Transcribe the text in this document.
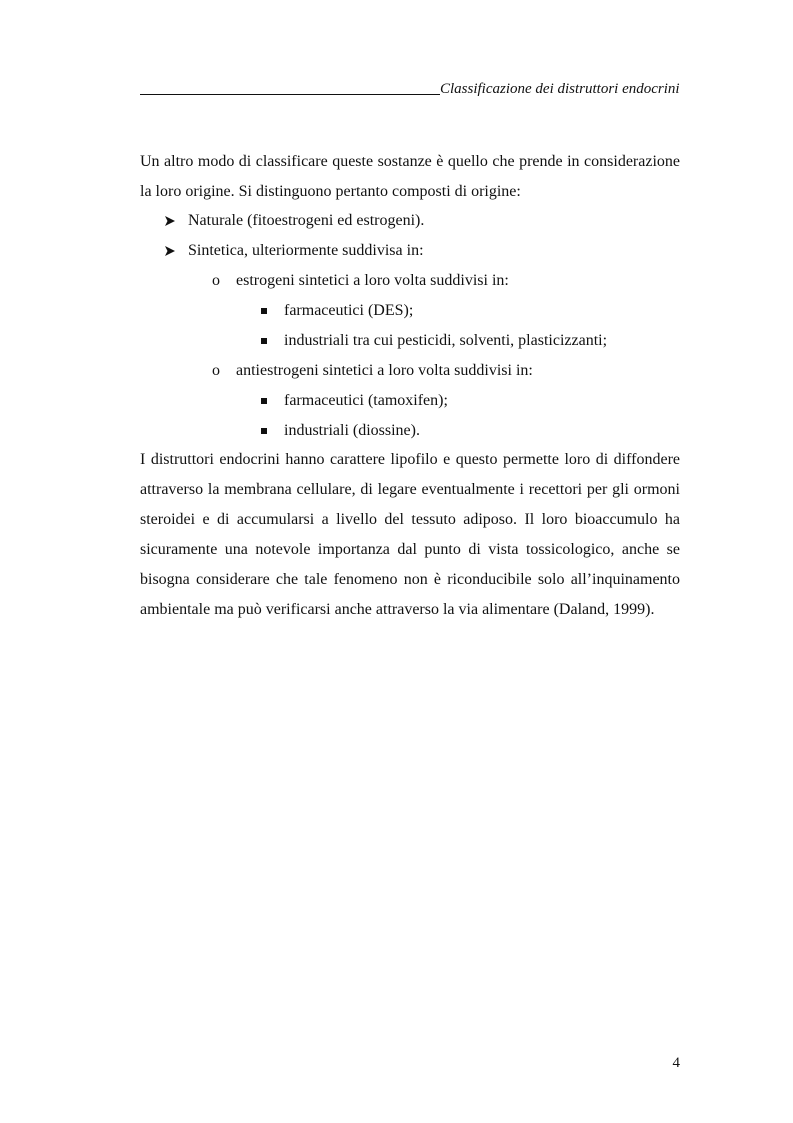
Classificazione dei distruttori endocrini

Un altro modo di classificare queste sostanze è quello che prende in considerazione la loro origine. Si distinguono pertanto composti di origine:

Naturale (fitoestrogeni ed estrogeni).
Sintetica, ulteriormente suddivisa in:
o estrogeni sintetici a loro volta suddivisi in:
farmaceutici (DES);
industriali tra cui pesticidi, solventi, plasticizzanti;
o antiestrogeni sintetici a loro volta suddivisi in:
farmaceutici (tamoxifen);
industriali (diossine).

I distruttori endocrini hanno carattere lipofilo e questo permette loro di diffondere attraverso la membrana cellulare, di legare eventualmente i recettori per gli ormoni steroidei e di accumularsi a livello del tessuto adiposo. Il loro bioaccumulo ha sicuramente una notevole importanza dal punto di vista tossicologico, anche se bisogna considerare che tale fenomeno non è riconducibile solo all’inquinamento ambientale ma può verificarsi anche attraverso la via alimentare (Daland, 1999).

4
